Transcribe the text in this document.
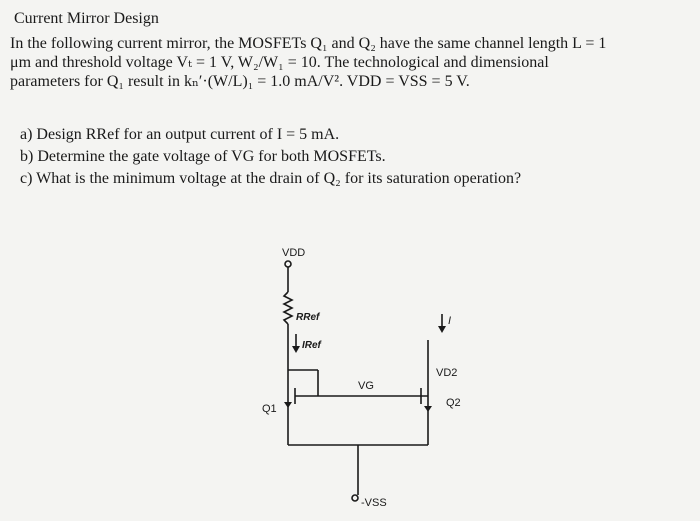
Current Mirror Design
In the following current mirror, the MOSFETs Q₁ and Q₂ have the same channel length L = 1
μm and threshold voltage Vₜ = 1 V, W₂/W₁ = 10. The technological and dimensional
parameters for Q₁ result in kₙ′·(W/L)₁ = 1.0 mA/V². VDD = VSS = 5 V.
a) Design RRef for an output current of I = 5 mA.
b) Determine the gate voltage of VG for both MOSFETs.
c) What is the minimum voltage at the drain of Q₂ for its saturation operation?
VDD
RRef
IRef
VG
Q1	Q2
VD2
I
-VSS
